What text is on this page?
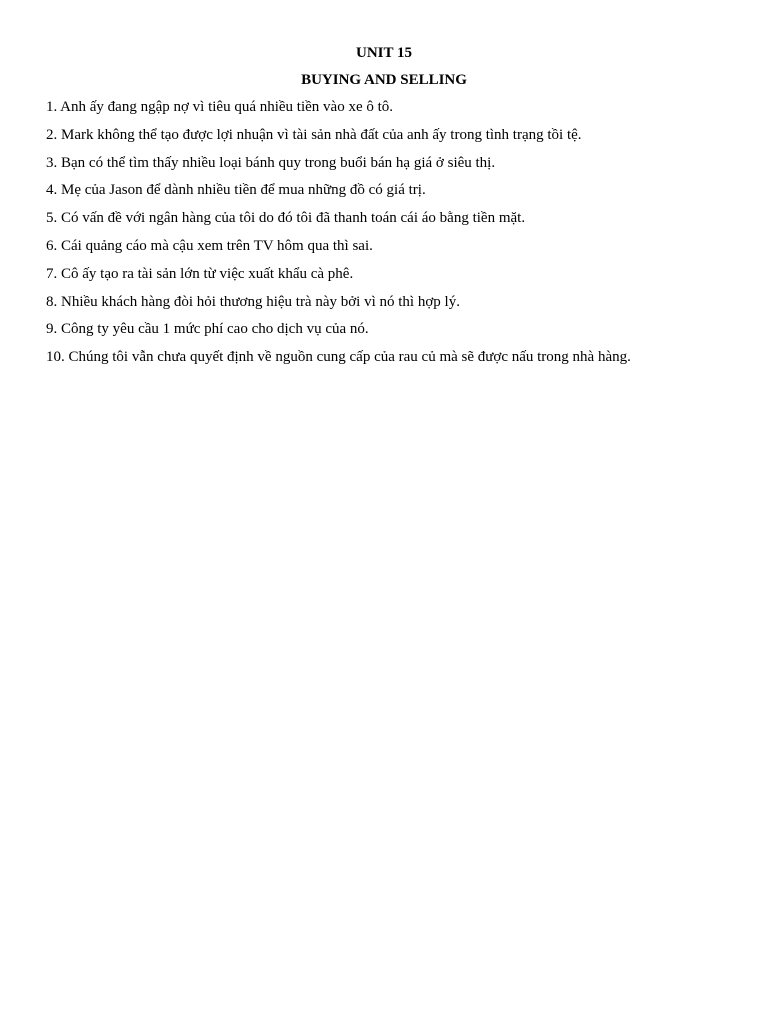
UNIT 15
BUYING AND SELLING
1. Anh ấy đang ngập nợ vì tiêu quá nhiều tiền vào xe ô tô.
2. Mark không thể tạo được lợi nhuận vì tài sản nhà đất của anh ấy trong tình trạng tồi tệ.
3. Bạn có thể tìm thấy nhiều loại bánh quy trong buổi bán hạ giá ở siêu thị.
4. Mẹ của Jason để dành nhiều tiền để mua những đồ có giá trị.
5. Có vấn đề với ngân hàng của tôi do đó tôi đã thanh toán cái áo bằng tiền mặt.
6. Cái quảng cáo mà cậu xem trên TV hôm qua thì sai.
7. Cô ấy tạo ra tài sản lớn từ việc xuất khẩu cà phê.
8. Nhiều khách hàng đòi hỏi thương hiệu trà này bởi vì nó thì hợp lý.
9. Công ty yêu cầu 1 mức phí cao cho dịch vụ của nó.
10. Chúng tôi vẫn chưa quyết định về nguồn cung cấp của rau củ mà sẽ được nấu trong nhà hàng.
